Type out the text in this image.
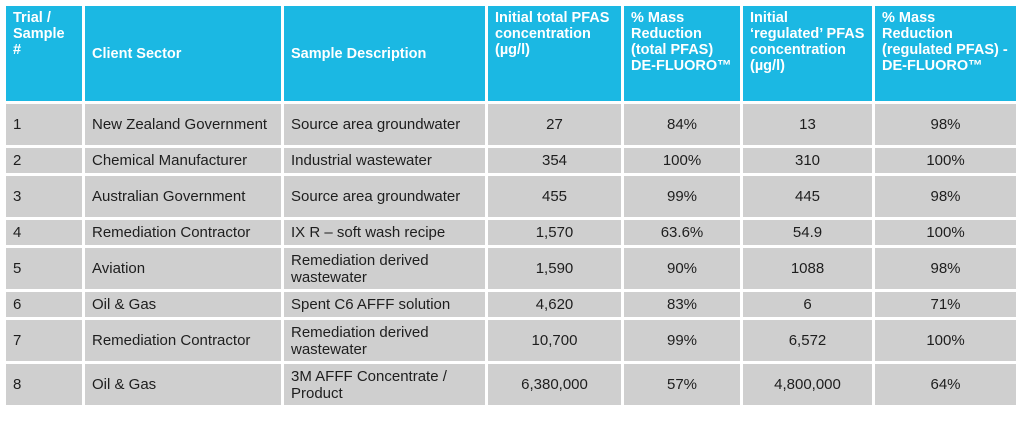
Trial / Sample #	Client Sector	Sample Description	Initial total PFAS concentration (µg/l)	% Mass Reduction (total PFAS) DE-FLUORO™	Initial ‘regulated’ PFAS concentration (µg/l)	% Mass Reduction (regulated PFAS) - DE-FLUORO™
1	New Zealand Government	Source area groundwater	27	84%	13	98%
2	Chemical Manufacturer	Industrial wastewater	354	100%	310	100%
3	Australian Government	Source area groundwater	455	99%	445	98%
4	Remediation Contractor	IX R – soft wash recipe	1,570	63.6%	54.9	100%
5	Aviation	Remediation derived wastewater	1,590	90%	1088	98%
6	Oil & Gas	Spent C6 AFFF solution	4,620	83%	6	71%
7	Remediation Contractor	Remediation derived wastewater	10,700	99%	6,572	100%
8	Oil & Gas	3M AFFF Concentrate / Product	6,380,000	57%	4,800,000	64%
